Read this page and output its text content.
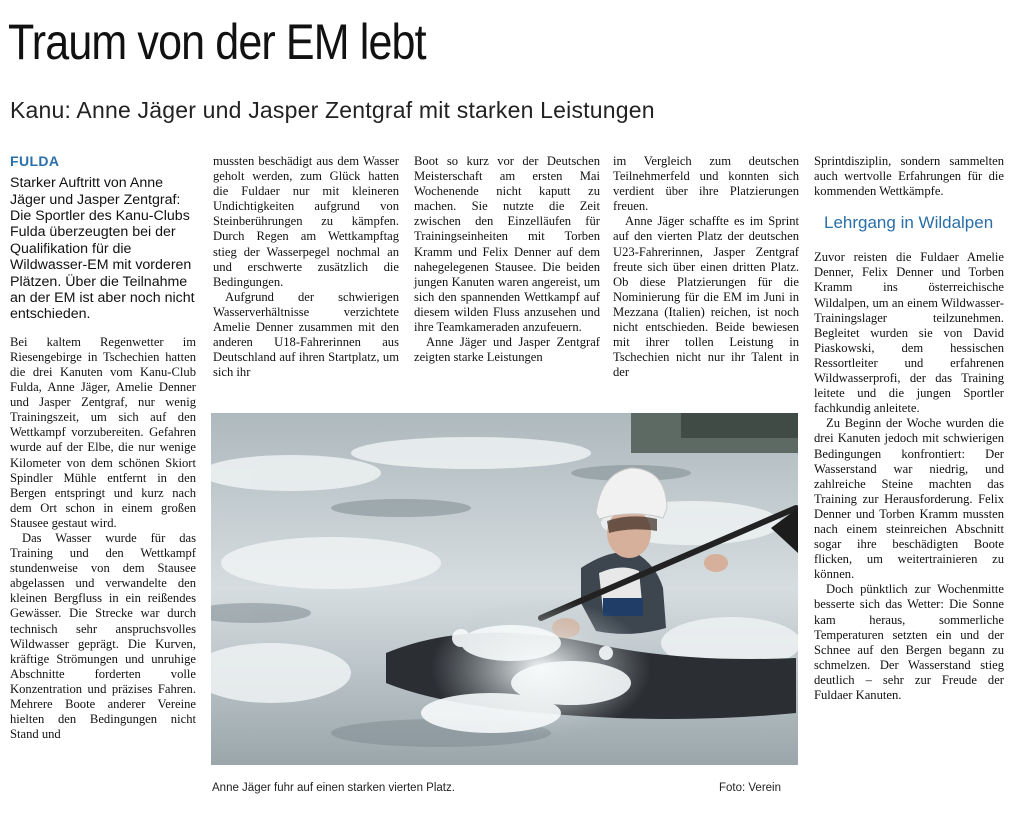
Traum von der EM lebt
Kanu: Anne Jäger und Jasper Zentgraf mit starken Leistungen
FULDA

Starker Auftritt von Anne Jäger und Jasper Zentgraf: Die Sportler des Kanu-Clubs Fulda überzeugten bei der Qualifikation für die Wildwasser-EM mit vorderen Plätzen. Über die Teilnahme an der EM ist aber noch nicht entschieden.

Bei kaltem Regenwetter im Riesengebirge in Tschechien hatten die drei Kanuten vom Kanu-Club Fulda, Anne Jäger, Amelie Denner und Jasper Zentgraf, nur wenig Trainingszeit, um sich auf den Wettkampf vorzubereiten. Gefahren wurde auf der Elbe, die nur wenige Kilometer von dem schönen Skiort Spindler Mühle entfernt in den Bergen entspringt und kurz nach dem Ort schon in einem großen Stausee gestaut wird.

Das Wasser wurde für das Training und den Wettkampf stundenweise von dem Stausee abgelassen und verwandelte den kleinen Bergfluss in ein reißendes Gewässer. Die Strecke war durch technisch sehr anspruchsvolles Wildwasser geprägt. Die Kurven, kräftige Strömungen und unruhige Abschnitte forderten volle Konzentration und präzises Fahren. Mehrere Boote anderer Vereine hielten den Bedingungen nicht Stand und

mussten beschädigt aus dem Wasser geholt werden, zum Glück hatten die Fuldaer nur mit kleineren Undichtigkeiten aufgrund von Steinberührungen zu kämpfen. Durch Regen am Wettkampftag stieg der Wasserpegel nochmal an und erschwerte zusätzlich die Bedingungen.

Aufgrund der schwierigen Wasserverhältnisse verzichtete Amelie Denner zusammen mit den anderen U18-Fahrerinnen aus Deutschland auf ihren Startplatz, um sich ihr

Boot so kurz vor der Deutschen Meisterschaft am ersten Mai Wochenende nicht kaputt zu machen. Sie nutzte die Zeit zwischen den Einzelläufen für Trainingseinheiten mit Torben Kramm und Felix Denner auf dem nahegelegenen Stausee. Die beiden jungen Kanuten waren angereist, um sich den spannenden Wettkampf auf diesem wilden Fluss anzusehen und ihre Teamkameraden anzufeuern.

Anne Jäger und Jasper Zentgraf zeigten starke Leistungen

im Vergleich zum deutschen Teilnehmerfeld und konnten sich verdient über ihre Platzierungen freuen.

Anne Jäger schaffte es im Sprint auf den vierten Platz der deutschen U23-Fahrerinnen, Jasper Zentgraf freute sich über einen dritten Platz. Ob diese Platzierungen für die Nominierung für die EM im Juni in Mezzana (Italien) reichen, ist noch nicht entschieden. Beide bewiesen mit ihrer tollen Leistung in Tschechien nicht nur ihr Talent in der

Sprintdisziplin, sondern sammelten auch wertvolle Erfahrungen für die kommenden Wettkämpfe.

Lehrgang in Wildalpen

Zuvor reisten die Fuldaer Amelie Denner, Felix Denner und Torben Kramm ins österreichische Wildalpen, um an einem Wildwasser-Trainingslager teilzunehmen. Begleitet wurden sie von David Piaskowski, dem hessischen Ressortleiter und erfahrenen Wildwasserprofi, der das Training leitete und die jungen Sportler fachkundig anleitete.

Zu Beginn der Woche wurden die drei Kanuten jedoch mit schwierigen Bedingungen konfrontiert: Der Wasserstand war niedrig, und zahlreiche Steine machten das Training zur Herausforderung. Felix Denner und Torben Kramm mussten nach einem steinreichen Abschnitt sogar ihre beschädigten Boote flicken, um weitertrainieren zu können.

Doch pünktlich zur Wochenmitte besserte sich das Wetter: Die Sonne kam heraus, sommerliche Temperaturen setzten ein und der Schnee auf den Bergen begann zu schmelzen. Der Wasserstand stieg deutlich – sehr zur Freude der Fuldaer Kanuten.

Anne Jäger fuhr auf einen starken vierten Platz.	Foto: Verein
